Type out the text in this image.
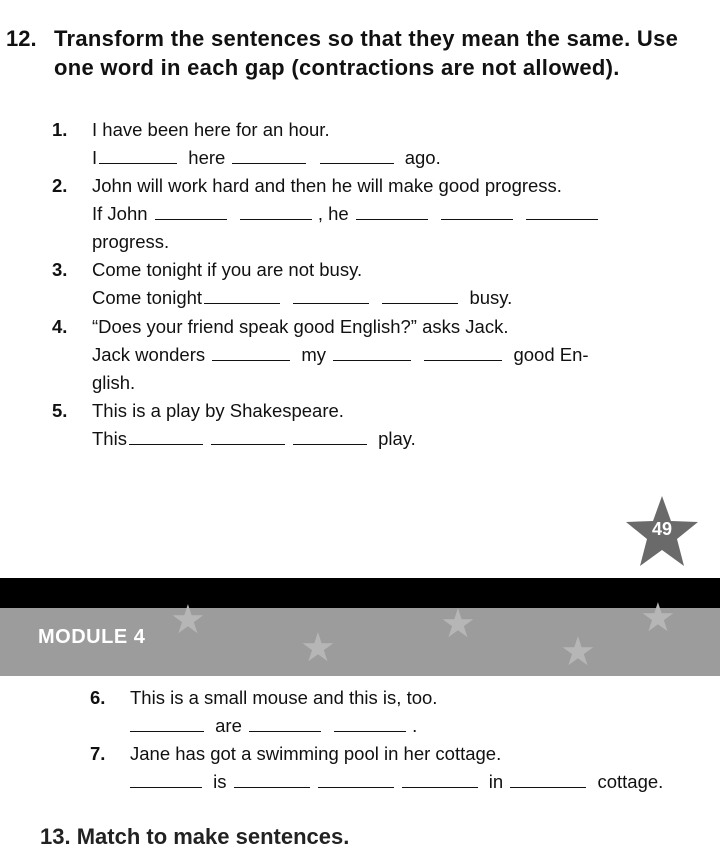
12. Transform the sentences so that they mean the same. Use one word in each gap (contractions are not allowed).
1. I have been here for an hour.
I	here	ago.
2. John will work hard and then he will make good progress.
If John	, he
progress.
3. Come tonight if you are not busy.
Come tonight	busy.
4. “Does your friend speak good English?” asks Jack.
Jack wonders	my	good En-
glish.
5. This is a play by Shakespeare.
This	play.
49
★
★
★
★
★
MODULE 4
6. This is a small mouse and this is, too.
are	.
7. Jane has got a swimming pool in her cottage.
is	in	cottage.
13. Match to make sentences.
